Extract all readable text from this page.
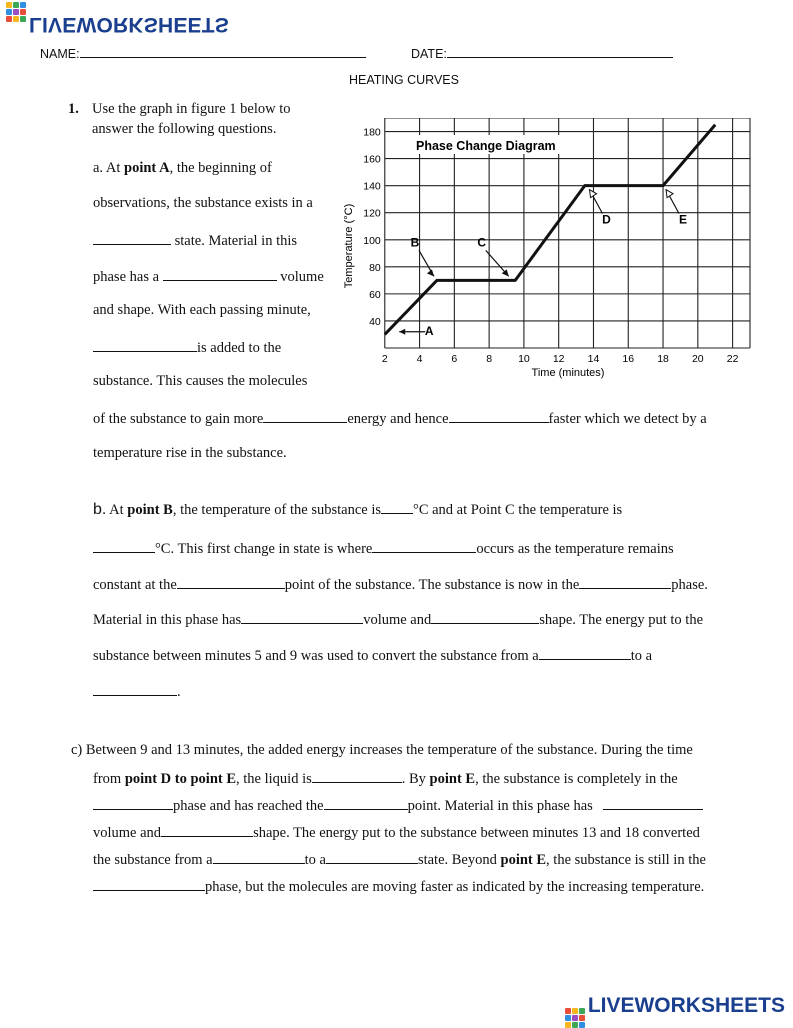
LIVEWORKSHEETS
NAME:	DATE:
HEATING CURVES
1. Use the graph in figure 1 below to
answer the following questions.
a. At point A, the beginning of
observations, the substance exists in a
state. Material in this
phase has a	volume
and shape. With each passing minute,
is added to the
substance. This causes the molecules
of the substance to gain more	energy and hence	faster which we detect by a
temperature rise in the substance.
2	4	6	8 10 12 14 16 18 20 22
40
60
80
100
120
140
160
180
A
B	C
D	E
Phase Change Diagram
Time (minutes)
Temperature (°C)
b. At point B, the temperature of the substance is °C and at Point C the temperature is
°C. This first change in state is where	occurs as the temperature remains
constant at the	point of the substance. The substance is now in the	phase.
Material in this phase has	volume and	shape. The energy put to the
substance between minutes 5 and 9 was used to convert the substance from a	to a
.
c) Between 9 and 13 minutes, the added energy increases the temperature of the substance. During the time
from point D to point E, the liquid is	. By point E, the substance is completely in the
phase and has reached the	point. Material in this phase has
volume and	shape. The energy put to the substance between minutes 13 and 18 converted
the substance from a	to a	state. Beyond point E, the substance is still in the
phase, but the molecules are moving faster as indicated by the increasing temperature.
LIVEWORKSHEETS
